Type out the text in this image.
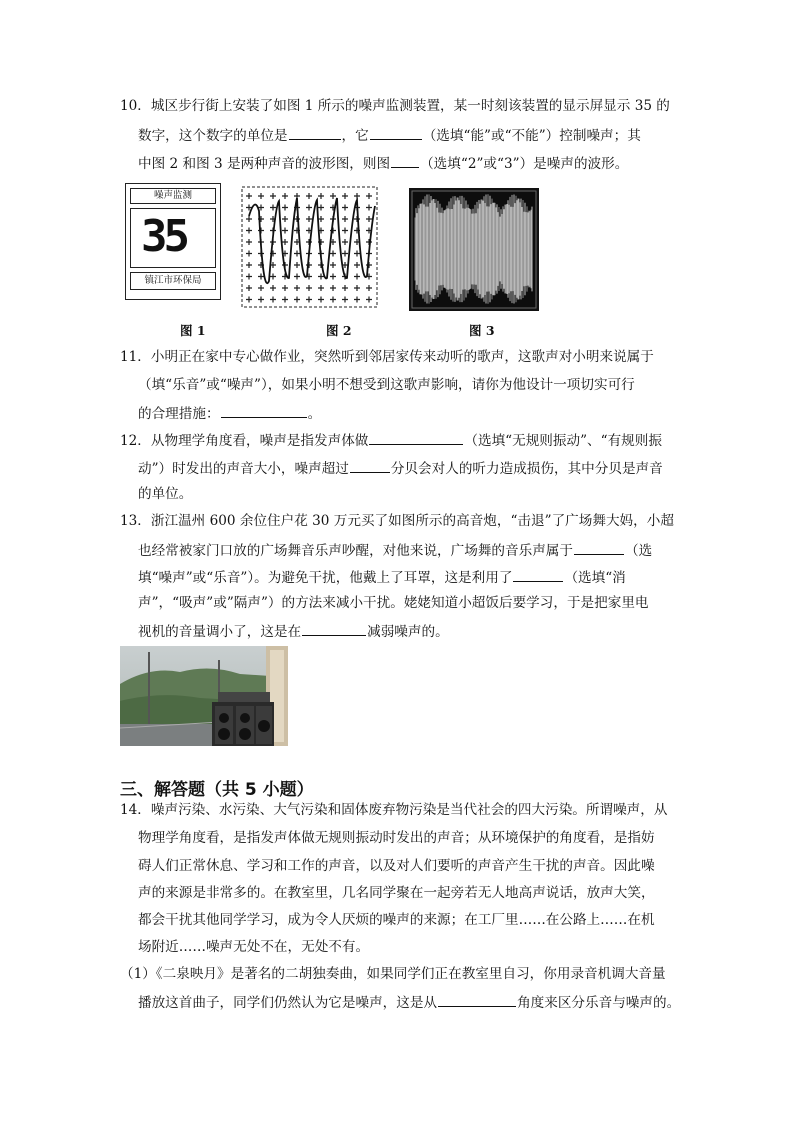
10．城区步行街上安装了如图 1 所示的噪声监测装置，某一时刻该装置的显示屏显示 35 的
数字，这个数字的单位是	，它	（选填“能”或“不能”）控制噪声；其
中图 2 和图 3 是两种声音的波形图，则图 （选填“2”或“3”）是噪声的波形。
噪声监测
35
镇江市环保局
图 1	图 2	图 3
11．小明正在家中专心做作业，突然听到邻居家传来动听的歌声，这歌声对小明来说属于
（填“乐音”或“噪声”），如果小明不想受到这歌声影响，请你为他设计一项切实可行
的合理措施：	。
12．从物理学角度看，噪声是指发声体做	（选填“无规则振动”、“有规则振
动”）时发出的声音大小，噪声超过	分贝会对人的听力造成损伤，其中分贝是声音
的单位。
13．浙江温州 600 余位住户花 30 万元买了如图所示的高音炮，“击退”了广场舞大妈，小超
也经常被家门口放的广场舞音乐声吵醒，对他来说，广场舞的音乐声属于	（选
填“噪声”或“乐音”）。为避免干扰，他戴上了耳罩，这是利用了	（选填“消
声”，“吸声”或”隔声”）的方法来减小干扰。姥姥知道小超饭后要学习，于是把家里电
视机的音量调小了，这是在	减弱噪声的。
三、解答题（共 5 小题）
14．噪声污染、水污染、大气污染和固体废弃物污染是当代社会的四大污染。所谓噪声，从
物理学角度看，是指发声体做无规则振动时发出的声音；从环境保护的角度看，是指妨
碍人们正常休息、学习和工作的声音，以及对人们要听的声音产生干扰的声音。因此噪
声的来源是非常多的。在教室里，几名同学聚在一起旁若无人地高声说话，放声大笑，
都会干扰其他同学学习，成为令人厌烦的噪声的来源；在工厂里……在公路上……在机
场附近……噪声无处不在，无处不有。
（1）《二泉映月》是著名的二胡独奏曲，如果同学们正在教室里自习，你用录音机调大音量
播放这首曲子，同学们仍然认为它是噪声，这是从	角度来区分乐音与噪声的。
